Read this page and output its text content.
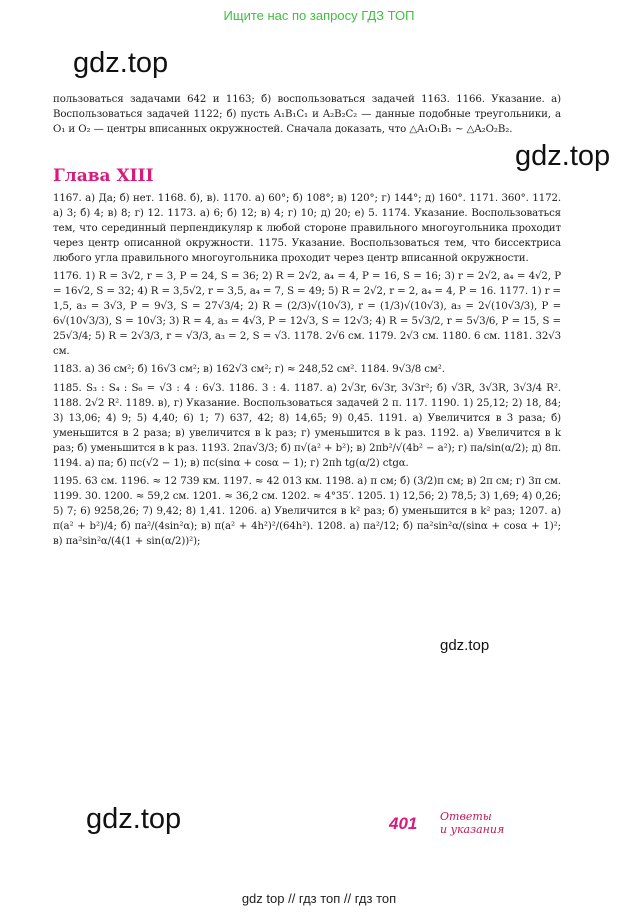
Ищите нас по запросу ГДЗ ТОП
gdz.top

пользоваться задачами 642 и 1163; б) воспользоваться задачей 1163. 1166. Указание. а) Воспользоваться задачей 1122; б) пусть A₁B₁C₁ и A₂B₂C₂ — данные подобные треугольники, а O₁ и O₂ — центры вписанных окружностей. Сначала доказать, что △A₁O₁B₁ ~ △A₂O₂B₂.

gdz.top
Глава XIII

1167. а) Да; б) нет. 1168. б), в). 1170. а) 60°; б) 108°; в) 120°; г) 144°; д) 160°. 1171. 360°. 1172. а) 3; б) 4; в) 8; г) 12. 1173. а) 6; б) 12; в) 4; г) 10; д) 20; е) 5. 1174. Указание. Воспользоваться тем, что серединный перпендикуляр к любой стороне правильного многоугольника проходит через центр описанной окружности. 1175. Указание. Воспользоваться тем, что биссектриса любого угла правильного многоугольника проходит через центр вписанной окружности.

1176. 1) R = 3√2, r = 3, P = 24, S = 36; 2) R = 2√2, a₄ = 4, P = 16, S = 16; 3) r = 2√2, a₄ = 4√2, P = 16√2, S = 32; 4) R = 3,5√2, r = 3,5, a₄ = 7, S = 49; 5) R = 2√2, r = 2, a₄ = 4, P = 16. 1177. 1) r = 1,5, a₃ = 3√3, P = 9√3, S = 27√3/4; 2) R = (2/3)√(10√3), r = (1/3)√(10√3), a₃ = 2√(10√3/3), P = 6√(10√3/3), S = 10√3; 3) R = 4, a₃ = 4√3, P = 12√3, S = 12√3; 4) R = 5√3/2, r = 5√3/6, P = 15, S = 25√3/4; 5) R = 2√3/3, r = √3/3, a₃ = 2, S = √3. 1178. 2√6 см. 1179. 2√3 см. 1180. 6 см. 1181. 32√3 см.

1183. а) 36 см²; б) 16√3 см²; в) 162√3 см²; г) ≈ 248,52 см². 1184. 9√3/8 см².

1185. S₃ : S₄ : S₆ = √3 : 4 : 6√3. 1186. 3 : 4. 1187. а) 2√3r, 6√3r, 3√3r²; б) √3R, 3√3R, 3√3/4 R². 1188. 2√2 R². 1189. в), г) Указание. Воспользоваться задачей 2 п. 117. 1190. 1) 25,12; 2) 18, 84; 3) 13,06; 4) 9; 5) 4,40; 6) 1; 7) 637, 42; 8) 14,65; 9) 0,45. 1191. а) Увеличится в 3 раза; б) уменьшится в 2 раза; в) увеличится в k раз; г) уменьшится в k раз. 1192. а) Увеличится в k раз; б) уменьшится в k раз. 1193. 2πa√3/3; б) π√(a² + b²); в) 2πb²/√(4b² − a²); г) πa/sin(α/2); д) 8π. 1194. а) πa; б) πc(√2 − 1); в) πc(sinα + cosα − 1); г) 2πh tg(α/2) ctgα.

1195. 63 см. 1196. ≈ 12 739 км. 1197. ≈ 42 013 км. 1198. а) π см; б) (3/2)π см; в) 2π см; г) 3π см. 1199. 30. 1200. ≈ 59,2 см. 1201. ≈ 36,2 см. 1202. ≈ 4°35′. 1205. 1) 12,56; 2) 78,5; 3) 1,69; 4) 0,26; 5) 7; 6) 9258,26; 7) 9,42; 8) 1,41. 1206. а) Увеличится в k² раз; б) уменьшится в k² раз; 1207. а) π(a² + b²)/4; б) πa²/(4sin²α); в) π(a² + 4h²)²/(64h²). 1208. а) πa²/12; б) πa²sin²α/(sinα + cosα + 1)²; в) πa²sin²α/(4(1 + sin(α/2))²);

gdz.top
gdz.top	401 Ответы
и указания
gdz top // гдз топ // гдз топ
